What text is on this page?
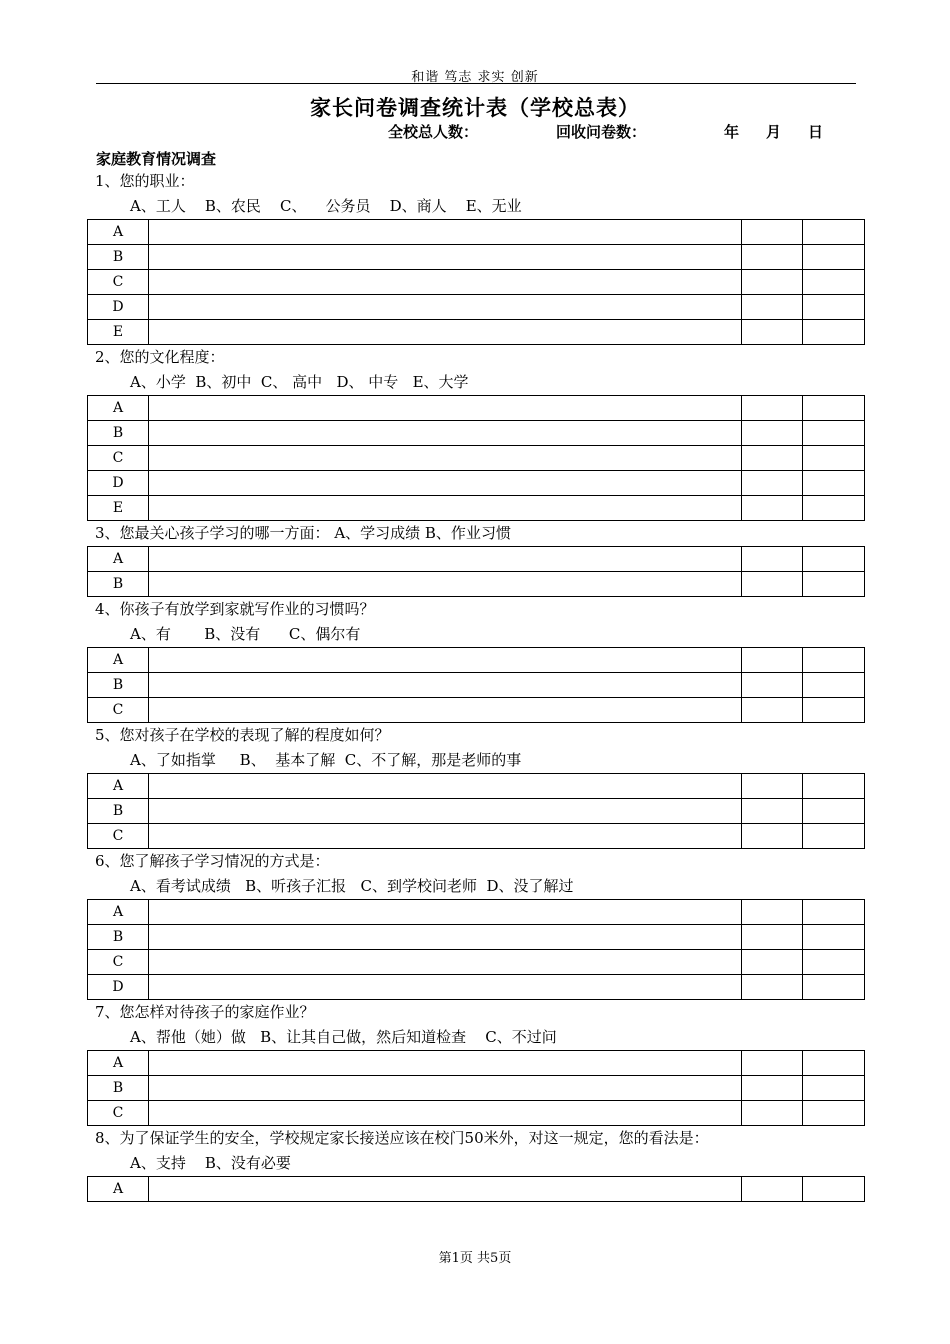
和谐 笃志 求实 创新
家长问卷调查统计表（学校总表）
全校总人数：	回收问卷数：	年 月 日
家庭教育情况调查
1、您的职业：
A、工人    B、农民    C、    公务员    D、商人    E、无业
A			
B			
C			
D			
E			
2、您的文化程度：
A、小学  B、初中  C、 高中   D、 中专   E、大学
A			
B			
C			
D			
E			
3、您最关心孩子学习的哪一方面： A、学习成绩 B、作业习惯
A			
B			
4、你孩子有放学到家就写作业的习惯吗？
A、有       B、没有      C、偶尔有
A			
B			
C			
5、您对孩子在学校的表现了解的程度如何？
A、了如指掌     B、  基本了解  C、不了解，那是老师的事
A			
B			
C			
6、您了解孩子学习情况的方式是：
A、看考试成绩   B、听孩子汇报   C、到学校问老师  D、没了解过
A			
B			
C			
D			
7、您怎样对待孩子的家庭作业？
A、帮他（她）做   B、让其自己做，然后知道检查    C、不过问
A			
B			
C			
8、为了保证学生的安全，学校规定家长接送应该在校门50米外，对这一规定，您的看法是：
A、支持    B、没有必要
A			
第1页 共5页
